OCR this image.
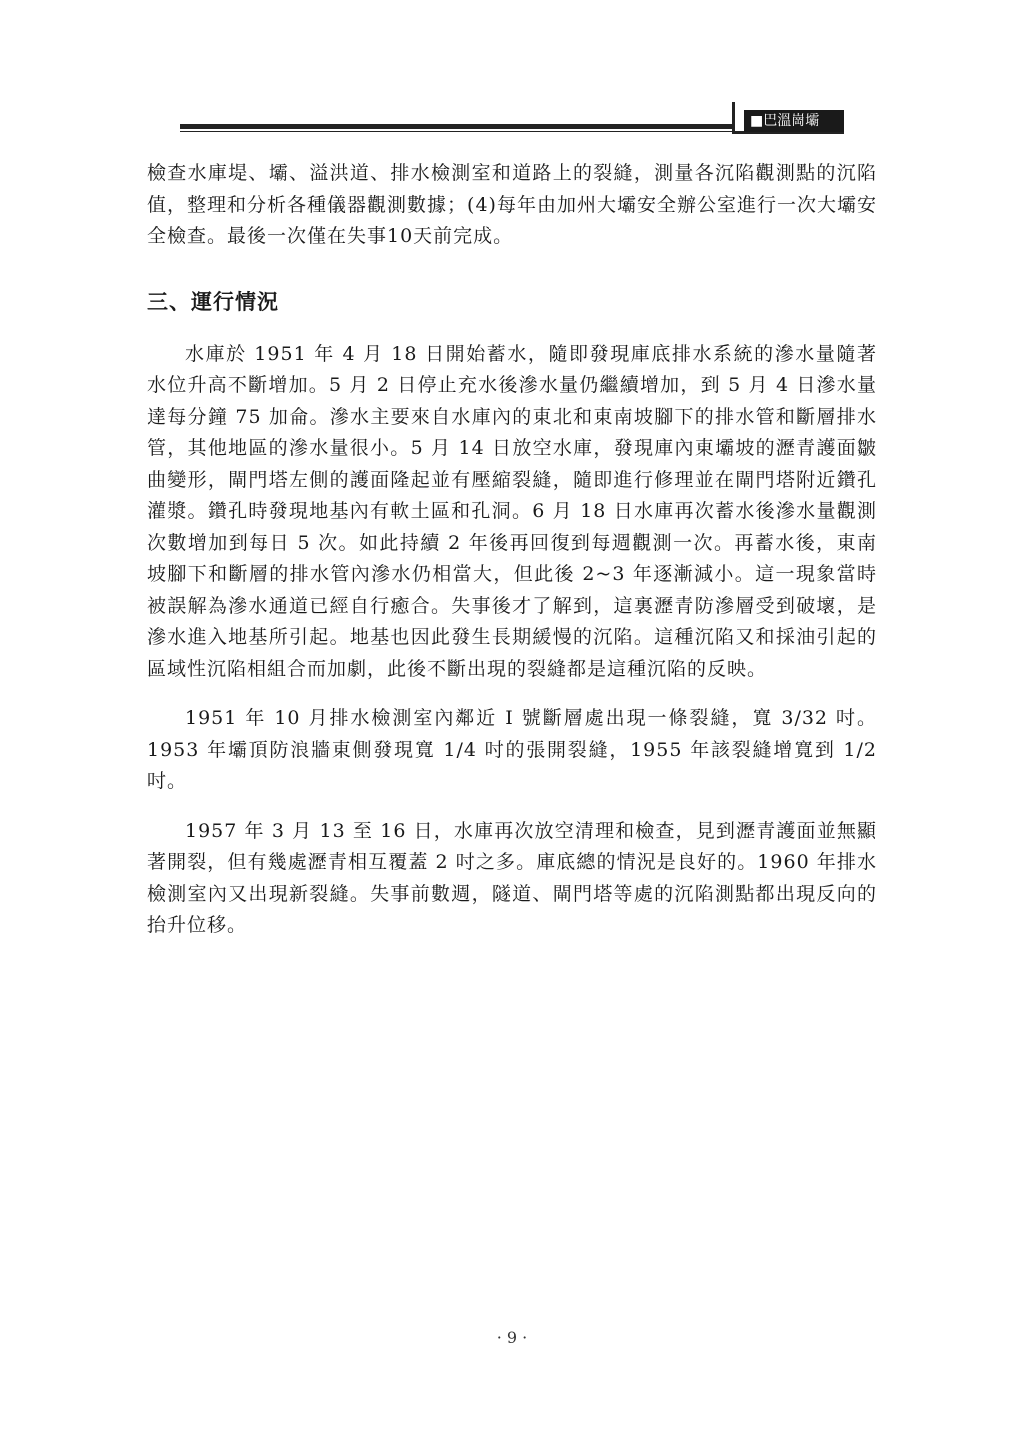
■巴溫崗壩

檢查水庫堤、壩、溢洪道、排水檢測室和道路上的裂縫，測量各沉陷觀測點的沉陷值，整理和分析各種儀器觀測數據；(4)每年由加州大壩安全辦公室進行一次大壩安全檢查。最後一次僅在失事10天前完成。

三、運行情況

水庫於 1951 年 4 月 18 日開始蓄水，隨即發現庫底排水系統的滲水量隨著水位升高不斷增加。5 月 2 日停止充水後滲水量仍繼續增加，到 5 月 4 日滲水量達每分鐘 75 加侖。滲水主要來自水庫內的東北和東南坡腳下的排水管和斷層排水管，其他地區的滲水量很小。5 月 14 日放空水庫，發現庫內東壩坡的瀝青護面皺曲變形，閘門塔左側的護面隆起並有壓縮裂縫，隨即進行修理並在閘門塔附近鑽孔灌漿。鑽孔時發現地基內有軟土區和孔洞。6 月 18 日水庫再次蓄水後滲水量觀測次數增加到每日 5 次。如此持續 2 年後再回復到每週觀測一次。再蓄水後，東南坡腳下和斷層的排水管內滲水仍相當大，但此後 2~3 年逐漸減小。這一現象當時被誤解為滲水通道已經自行癒合。失事後才了解到，這裏瀝青防滲層受到破壞，是滲水進入地基所引起。地基也因此發生長期緩慢的沉陷。這種沉陷又和採油引起的區域性沉陷相組合而加劇，此後不斷出現的裂縫都是這種沉陷的反映。

1951 年 10 月排水檢測室內鄰近 I 號斷層處出現一條裂縫，寬 3/32 吋。1953 年壩頂防浪牆東側發現寬 1/4 吋的張開裂縫，1955 年該裂縫增寬到 1/2 吋。

1957 年 3 月 13 至 16 日，水庫再次放空清理和檢查，見到瀝青護面並無顯著開裂，但有幾處瀝青相互覆蓋 2 吋之多。庫底總的情況是良好的。1960 年排水檢測室內又出現新裂縫。失事前數週，隧道、閘門塔等處的沉陷測點都出現反向的抬升位移。

· 9 ·
